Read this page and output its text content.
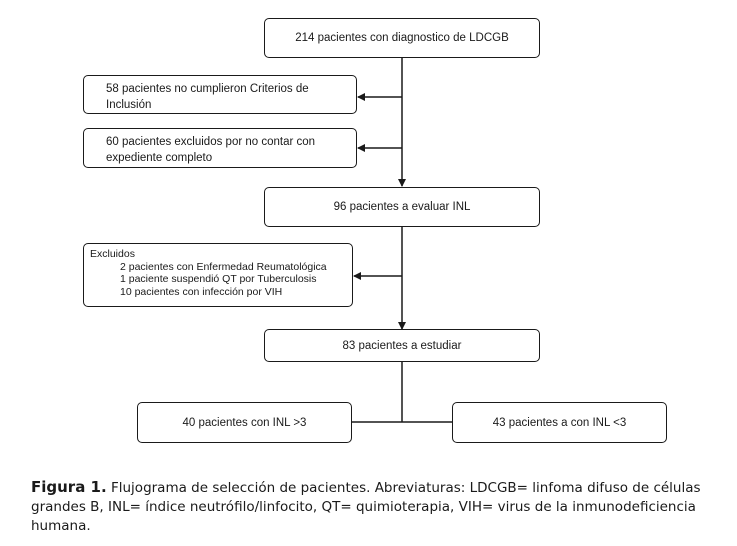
214 pacientes con diagnostico de LDCGB
58 pacientes no cumplieron Criterios de Inclusión
60 pacientes excluidos por no contar con expediente completo
96 pacientes a evaluar INL
Excluidos
2 pacientes con Enfermedad Reumatológica
1 paciente suspendió QT por Tuberculosis
10 pacientes con infección por VIH
83 pacientes a estudiar
40 pacientes con INL >3	43 pacientes a con INL <3
Figura 1. Flujograma de selección de pacientes. Abreviaturas: LDCGB= linfoma difuso de células grandes B, INL= índice neutrófilo/linfocito, QT= quimioterapia, VIH= virus de la inmunodeficiencia humana.
